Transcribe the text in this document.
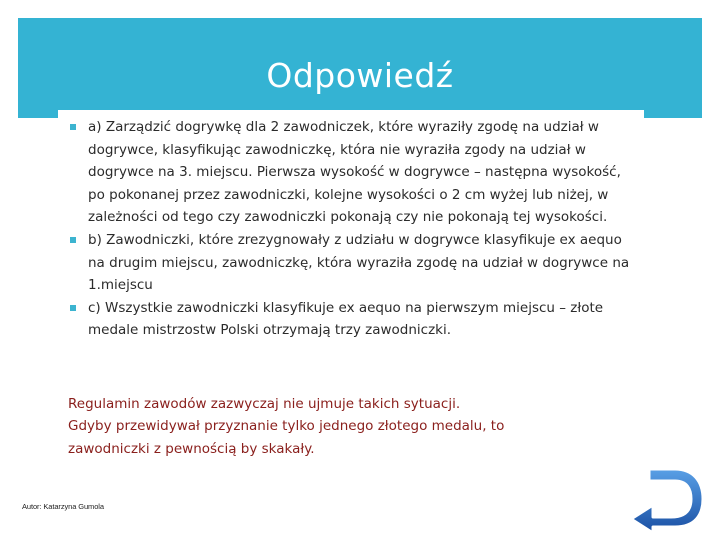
Odpowiedź
a) Zarządzić dogrywkę dla 2 zawodniczek, które wyraziły zgodę na udział w dogrywce, klasyfikując zawodniczkę, która nie wyraziła zgody na udział w dogrywce na 3. miejscu. Pierwsza wysokość w dogrywce – następna wysokość, po pokonanej przez zawodniczki, kolejne wysokości o 2 cm wyżej lub niżej, w zależności od tego czy zawodniczki pokonają czy nie pokonają tej wysokości.
b) Zawodniczki, które zrezygnowały z udziału w dogrywce klasyfikuje ex aequo na drugim miejscu, zawodniczkę, która wyraziła zgodę na udział w dogrywce na 1.miejscu
c) Wszystkie zawodniczki klasyfikuje ex aequo na pierwszym miejscu – złote medale mistrzostw Polski otrzymają trzy zawodniczki.
Regulamin zawodów zazwyczaj nie ujmuje takich sytuacji.
Gdyby przewidywał przyznanie tylko jednego złotego medalu, to
zawodniczki z pewnością by skakały.
Autor: Katarzyna Gumola
